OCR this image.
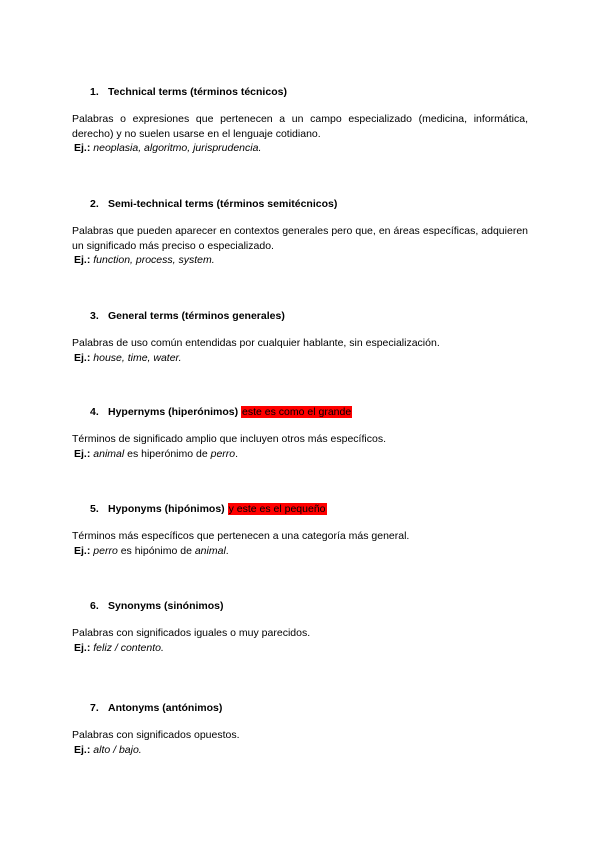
1. Technical terms (términos técnicos)

Palabras o expresiones que pertenecen a un campo especializado (medicina, informática, derecho) y no suelen usarse en el lenguaje cotidiano.

Ej.: neoplasia, algoritmo, jurisprudencia.
2. Semi-technical terms (términos semitécnicos)

Palabras que pueden aparecer en contextos generales pero que, en áreas específicas, adquieren un significado más preciso o especializado.

Ej.: function, process, system.
3. General terms (términos generales)

Palabras de uso común entendidas por cualquier hablante, sin especialización.

Ej.: house, time, water.
4. Hypernyms (hiperónimos) este es como el grande

Términos de significado amplio que incluyen otros más específicos.

Ej.: animal es hiperónimo de perro.
5. Hyponyms (hipónimos) y este es el pequeño

Términos más específicos que pertenecen a una categoría más general.

Ej.: perro es hipónimo de animal.
6. Synonyms (sinónimos)

Palabras con significados iguales o muy parecidos.

Ej.: feliz / contento.
7. Antonyms (antónimos)

Palabras con significados opuestos.

Ej.: alto / bajo.
